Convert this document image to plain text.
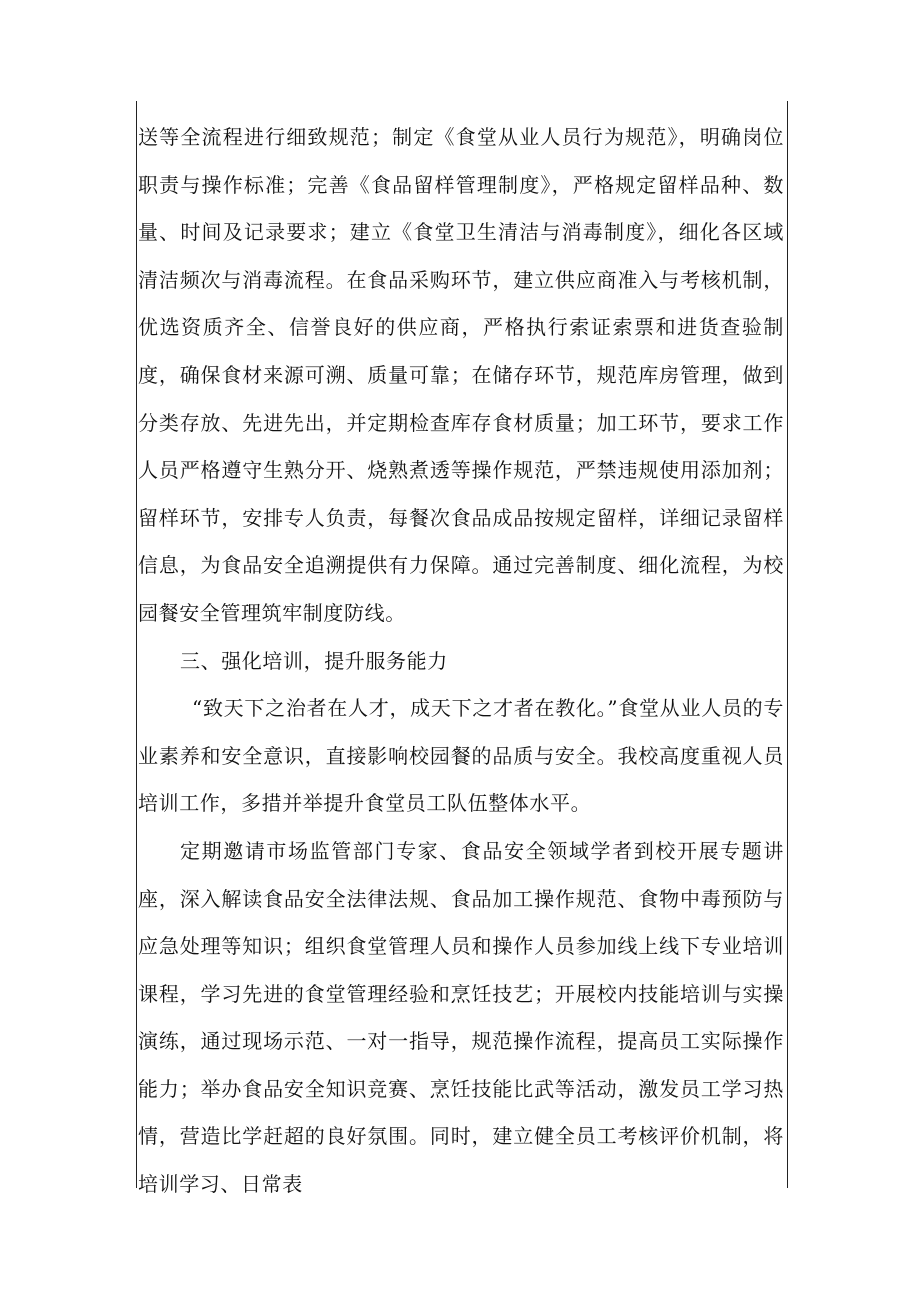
送等全流程进行细致规范；制定《食堂从业人员行为规范》，明确岗位职责与操作标准；完善《食品留样管理制度》，严格规定留样品种、数量、时间及记录要求；建立《食堂卫生清洁与消毒制度》，细化各区域清洁频次与消毒流程。在食品采购环节，建立供应商准入与考核机制，优选资质齐全、信誉良好的供应商，严格执行索证索票和进货查验制度，确保食材来源可溯、质量可靠；在储存环节，规范库房管理，做到分类存放、先进先出，并定期检查库存食材质量；加工环节，要求工作人员严格遵守生熟分开、烧熟煮透等操作规范，严禁违规使用添加剂；留样环节，安排专人负责，每餐次食品成品按规定留样，详细记录留样信息，为食品安全追溯提供有力保障。通过完善制度、细化流程，为校园餐安全管理筑牢制度防线。

三、强化培训，提升服务能力

“致天下之治者在人才，成天下之才者在教化。”食堂从业人员的专业素养和安全意识，直接影响校园餐的品质与安全。我校高度重视人员培训工作，多措并举提升食堂员工队伍整体水平。

定期邀请市场监管部门专家、食品安全领域学者到校开展专题讲座，深入解读食品安全法律法规、食品加工操作规范、食物中毒预防与应急处理等知识；组织食堂管理人员和操作人员参加线上线下专业培训课程，学习先进的食堂管理经验和烹饪技艺；开展校内技能培训与实操演练，通过现场示范、一对一指导，规范操作流程，提高员工实际操作能力；举办食品安全知识竞赛、烹饪技能比武等活动，激发员工学习热情，营造比学赶超的良好氛围。同时，建立健全员工考核评价机制，将培训学习、日常表
